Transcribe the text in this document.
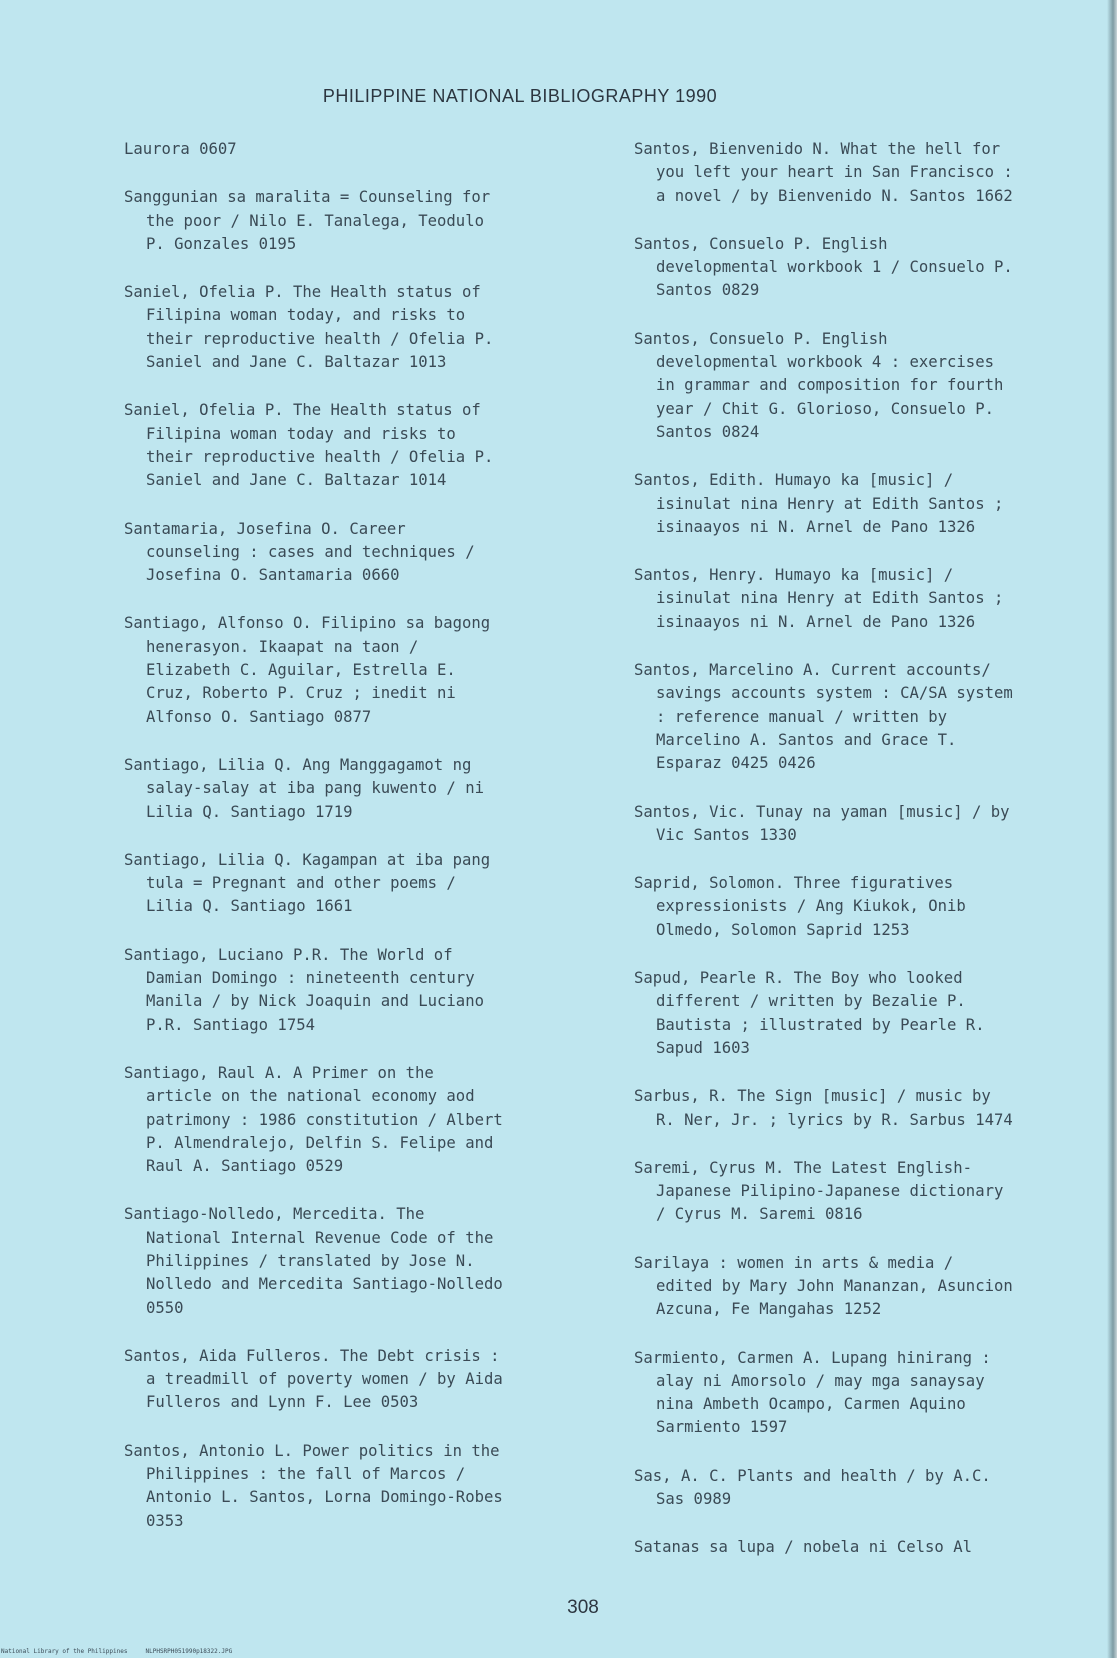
PHILIPPINE NATIONAL BIBLIOGRAPHY 1990
Laurora 0607
Sanggunian sa maralita = Counseling for
the poor / Nilo E. Tanalega, Teodulo
P. Gonzales 0195
Saniel, Ofelia P. The Health status of
Filipina woman today, and risks to
their reproductive health / Ofelia P.
Saniel and Jane C. Baltazar 1013
Saniel, Ofelia P. The Health status of
Filipina woman today and risks to
their reproductive health / Ofelia P.
Saniel and Jane C. Baltazar 1014
Santamaria, Josefina O. Career
counseling : cases and techniques /
Josefina O. Santamaria 0660
Santiago, Alfonso O. Filipino sa bagong
henerasyon. Ikaapat na taon /
Elizabeth C. Aguilar, Estrella E.
Cruz, Roberto P. Cruz ; inedit ni
Alfonso O. Santiago 0877
Santiago, Lilia Q. Ang Manggagamot ng
salay-salay at iba pang kuwento / ni
Lilia Q. Santiago 1719
Santiago, Lilia Q. Kagampan at iba pang
tula = Pregnant and other poems /
Lilia Q. Santiago 1661
Santiago, Luciano P.R. The World of
Damian Domingo : nineteenth century
Manila / by Nick Joaquin and Luciano
P.R. Santiago 1754
Santiago, Raul A. A Primer on the
article on the national economy aod
patrimony : 1986 constitution / Albert
P. Almendralejo, Delfin S. Felipe and
Raul A. Santiago 0529
Santiago-Nolledo, Mercedita. The
National Internal Revenue Code of the
Philippines / translated by Jose N.
Nolledo and Mercedita Santiago-Nolledo
0550
Santos, Aida Fulleros. The Debt crisis :
a treadmill of poverty women / by Aida
Fulleros and Lynn F. Lee 0503
Santos, Antonio L. Power politics in the
Philippines : the fall of Marcos /
Antonio L. Santos, Lorna Domingo-Robes
0353
Santos, Bienvenido N. What the hell for
you left your heart in San Francisco :
a novel / by Bienvenido N. Santos 1662
Santos, Consuelo P. English
developmental workbook 1 / Consuelo P.
Santos 0829
Santos, Consuelo P. English
developmental workbook 4 : exercises
in grammar and composition for fourth
year / Chit G. Glorioso, Consuelo P.
Santos 0824
Santos, Edith. Humayo ka [music] /
isinulat nina Henry at Edith Santos ;
isinaayos ni N. Arnel de Pano 1326
Santos, Henry. Humayo ka [music] /
isinulat nina Henry at Edith Santos ;
isinaayos ni N. Arnel de Pano 1326
Santos, Marcelino A. Current accounts/
savings accounts system : CA/SA system
: reference manual / written by
Marcelino A. Santos and Grace T.
Esparaz 0425 0426
Santos, Vic. Tunay na yaman [music] / by
Vic Santos 1330
Saprid, Solomon. Three figuratives
expressionists / Ang Kiukok, Onib
Olmedo, Solomon Saprid 1253
Sapud, Pearle R. The Boy who looked
different / written by Bezalie P.
Bautista ; illustrated by Pearle R.
Sapud 1603
Sarbus, R. The Sign [music] / music by
R. Ner, Jr. ; lyrics by R. Sarbus 1474
Saremi, Cyrus M. The Latest English-
Japanese Pilipino-Japanese dictionary
/ Cyrus M. Saremi 0816
Sarilaya : women in arts & media /
edited by Mary John Mananzan, Asuncion
Azcuna, Fe Mangahas 1252
Sarmiento, Carmen A. Lupang hinirang :
alay ni Amorsolo / may mga sanaysay
nina Ambeth Ocampo, Carmen Aquino
Sarmiento 1597
Sas, A. C. Plants and health / by A.C.
Sas 0989
Satanas sa lupa / nobela ni Celso Al
308
National Library of the Philippines     NLPHSRPH051990p18322.JPG
